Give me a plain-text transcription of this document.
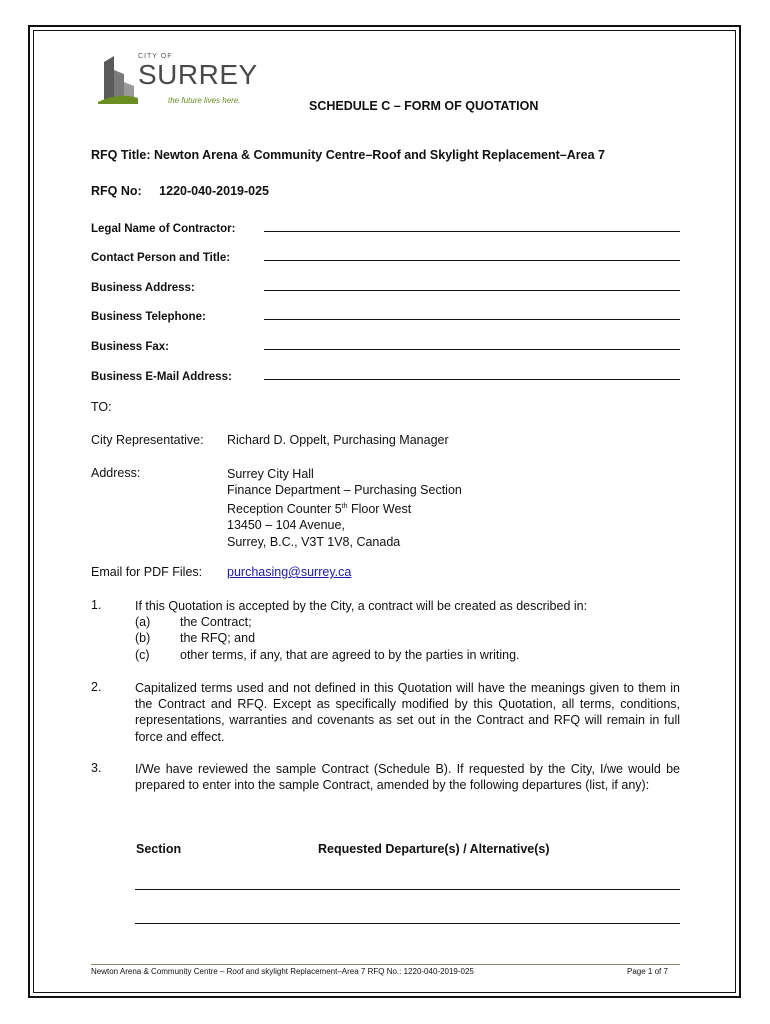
CITY OF
SURREY
the future lives here.	SCHEDULE C – FORM OF QUOTATION
RFQ Title: Newton Arena & Community Centre–Roof and Skylight Replacement–Area 7
RFQ No: 1220-040-2019-025
Legal Name of Contractor:
Contact Person and Title:
Business Address:
Business Telephone:
Business Fax:
Business E-Mail Address:
TO:
City Representative: Richard D. Oppelt, Purchasing Manager
Address:	Surrey City Hall
Finance Department – Purchasing Section
Reception Counter 5th Floor West
13450 – 104 Avenue,
Surrey, B.C., V3T 1V8, Canada
Email for PDF Files: purchasing@surrey.ca
1.	If this Quotation is accepted by the City, a contract will be created as described in:
(a) the Contract;
(b) the RFQ; and
(c) other terms, if any, that are agreed to by the parties in writing.
2.	Capitalized terms used and not defined in this Quotation will have the meanings given to them in the Contract and RFQ. Except as specifically modified by this Quotation, all terms, conditions, representations, warranties and covenants as set out in the Contract and RFQ will remain in full force and effect.
3.	I/We have reviewed the sample Contract (Schedule B). If requested by the City, I/we would be prepared to enter into the sample Contract, amended by the following departures (list, if any):
Section	Requested Departure(s) / Alternative(s)
Newton Arena & Community Centre – Roof and skylight Replacement–Area 7 RFQ No.: 1220-040-2019-025	Page 1 of 7
